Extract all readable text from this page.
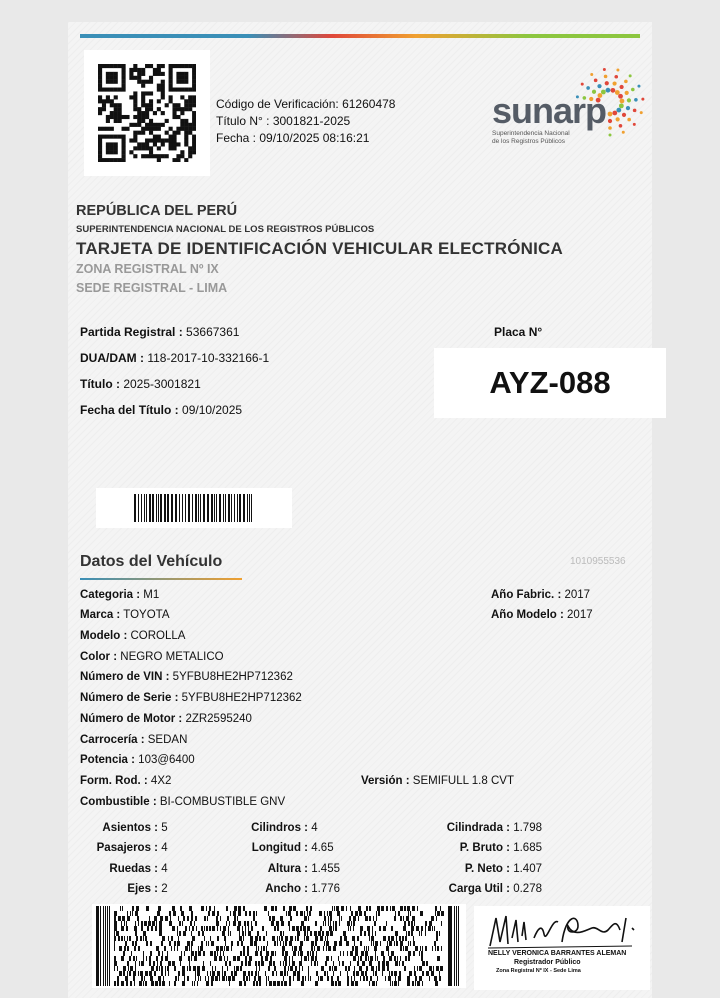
Código de Verificación: 61260478
Título N° : 3001821-2025
Fecha : 09/10/2025 08:16:21
sunarp
Superintendencia Nacional
de los Registros Públicos
REPÚBLICA DEL PERÚ
SUPERINTENDENCIA NACIONAL DE LOS REGISTROS PÚBLICOS
TARJETA DE IDENTIFICACIÓN VEHICULAR ELECTRÓNICA
ZONA REGISTRAL Nº IX
SEDE REGISTRAL - LIMA
Partida Registral : 53667361
DUA/DAM : 118-2017-10-332166-1
Título : 2025-3001821
Fecha del Título : 09/10/2025
Placa N°
AYZ-088
Datos del Vehículo	1010955536
Categoria : M1
Marca : TOYOTA
Modelo : COROLLA
Color : NEGRO METALICO
Número de VIN : 5YFBU8HE2HP712362
Número de Serie : 5YFBU8HE2HP712362
Número de Motor : 2ZR2595240
Carrocería : SEDAN
Potencia : 103@6400
Form. Rod. : 4X2
Combustible : BI-COMBUSTIBLE GNV
Año Fabric. : 2017
Año Modelo : 2017
Versión : SEMIFULL 1.8 CVT
Asientos : 5
Pasajeros : 4
Ruedas : 4
Ejes : 2
Cilindros : 4
Longitud : 4.65
Altura : 1.455
Ancho : 1.776
Cilindrada : 1.798
P. Bruto : 1.685
P. Neto : 1.407
Carga Util : 0.278
NELLY VERONICA BARRANTES ALEMAN
Registrador Público
Zona Registral Nº IX - Sede Lima
